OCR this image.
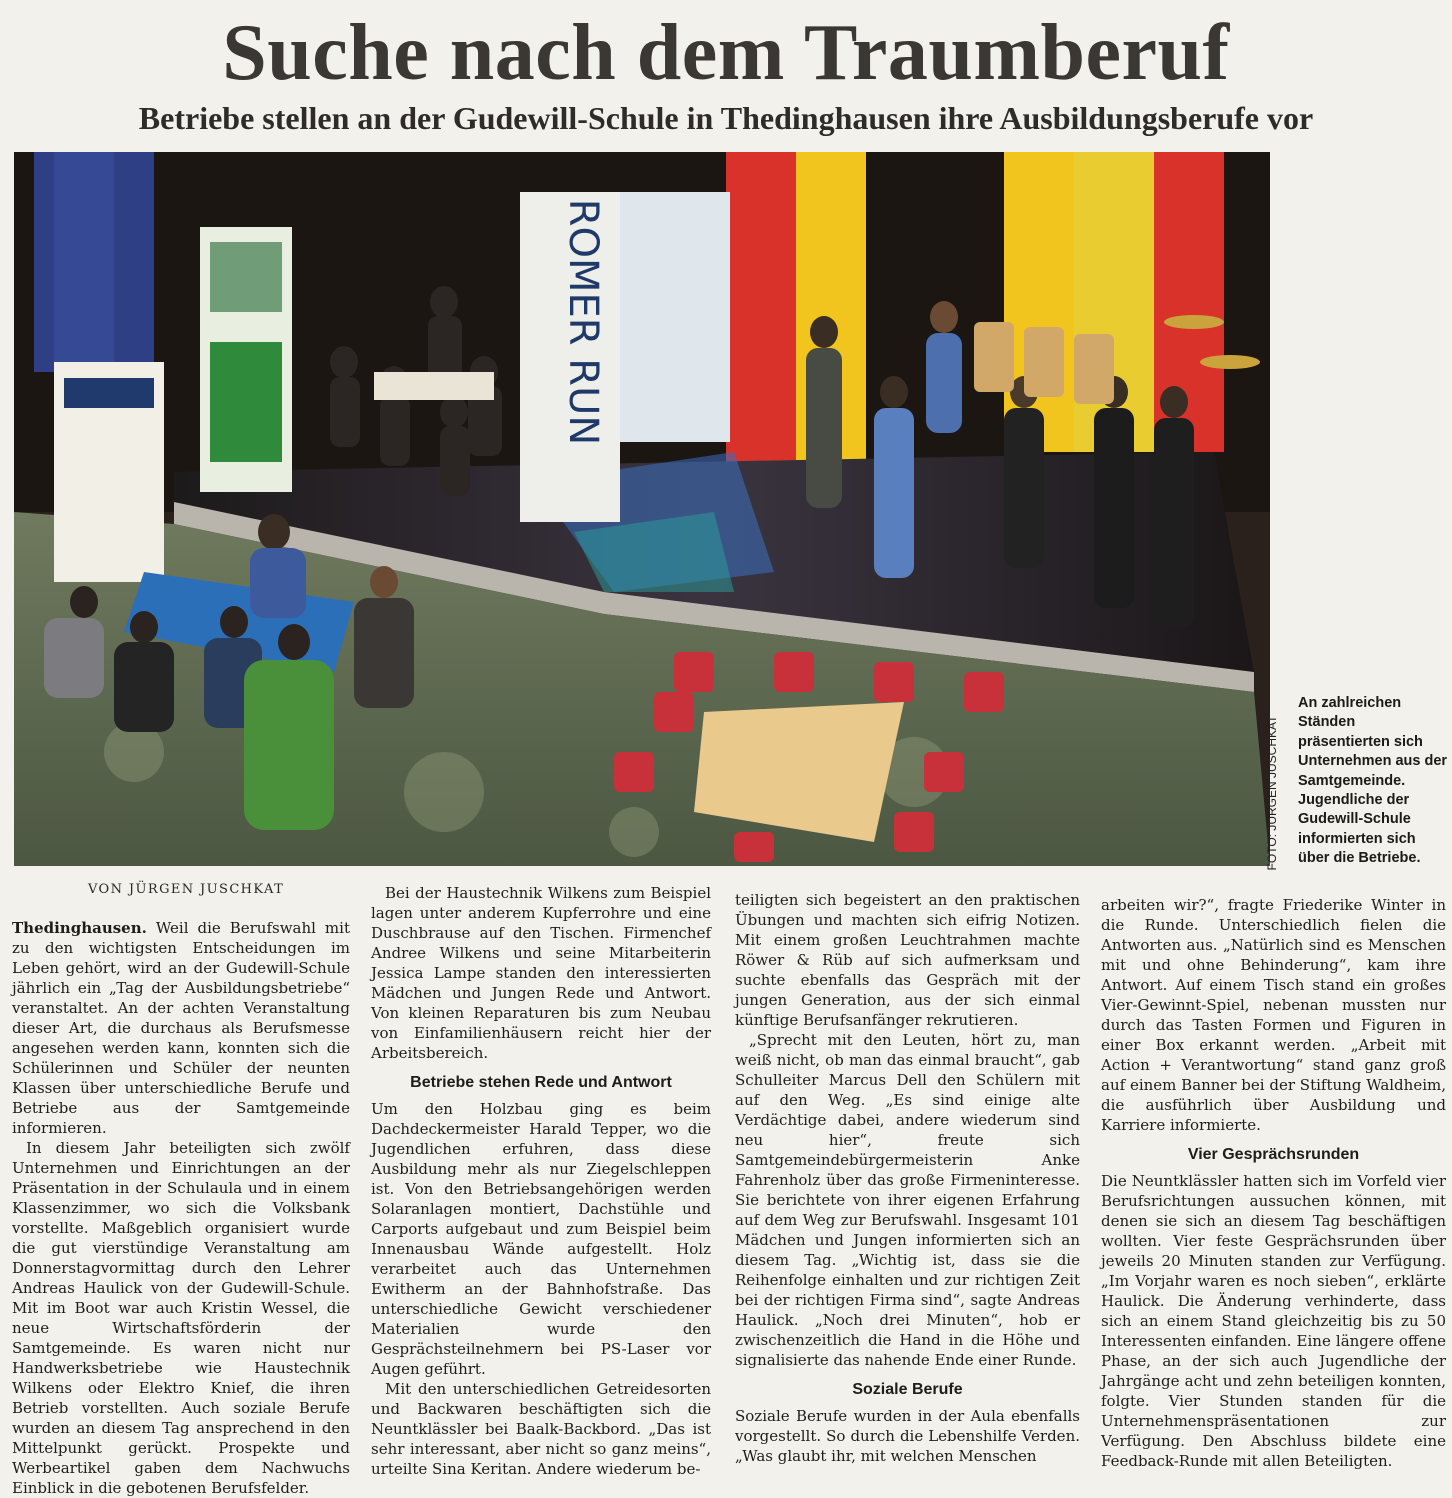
Suche nach dem Traumberuf
Betriebe stellen an der Gudewill-Schule in Thedinghausen ihre Ausbildungsberufe vor
ROMER RUN
FOTO: JÜRGEN JUSCHKAT

An zahlreichen Ständen präsentierten sich Unternehmen aus der Samtgemeinde. Jugendliche der Gudewill-Schule informierten sich über die Betriebe.

VON JÜRGEN JUSCHKAT

Thedinghausen. Weil die Berufswahl mit zu den wichtigsten Entscheidungen im Leben gehört, wird an der Gudewill-Schule jährlich ein „Tag der Ausbildungsbetriebe“ veranstaltet. An der achten Veranstaltung dieser Art, die durchaus als Berufsmesse angesehen werden kann, konnten sich die Schülerinnen und Schüler der neunten Klassen über unterschiedliche Berufe und Betriebe aus der Samtgemeinde informieren.

In diesem Jahr beteiligten sich zwölf Unternehmen und Einrichtungen an der Präsentation in der Schulaula und in einem Klassenzimmer, wo sich die Volksbank vorstellte. Maßgeblich organisiert wurde die gut vierstündige Veranstaltung am Donnerstagvormittag durch den Lehrer Andreas Haulick von der Gudewill-Schule. Mit im Boot war auch Kristin Wessel, die neue Wirtschaftsförderin der Samtgemeinde. Es waren nicht nur Handwerksbetriebe wie Haustechnik Wilkens oder Elektro Knief, die ihren Betrieb vorstellten. Auch soziale Berufe wurden an diesem Tag ansprechend in den Mittelpunkt gerückt. Prospekte und Werbeartikel gaben dem Nachwuchs Einblick in die gebotenen Berufsfelder.

Bei der Haustechnik Wilkens zum Beispiel lagen unter anderem Kupferrohre und eine Duschbrause auf den Tischen. Firmenchef Andree Wilkens und seine Mitarbeiterin Jessica Lampe standen den interessierten Mädchen und Jungen Rede und Antwort. Von kleinen Reparaturen bis zum Neubau von Einfamilienhäusern reicht hier der Arbeitsbereich.

Betriebe stehen Rede und Antwort

Um den Holzbau ging es beim Dachdeckermeister Harald Tepper, wo die Jugendlichen erfuhren, dass diese Ausbildung mehr als nur Ziegelschleppen ist. Von den Betriebsangehörigen werden Solaranlagen montiert, Dachstühle und Carports aufgebaut und zum Beispiel beim Innenausbau Wände aufgestellt. Holz verarbeitet auch das Unternehmen Ewitherm an der Bahnhofstraße. Das unterschiedliche Gewicht verschiedener Materialien wurde den Gesprächsteilnehmern bei PS-Laser vor Augen geführt.

Mit den unterschiedlichen Getreidesorten und Backwaren beschäftigten sich die Neuntklässler bei Baalk-Backbord. „Das ist sehr interessant, aber nicht so ganz meins“, urteilte Sina Keritan. Andere wiederum be-

teiligten sich begeistert an den praktischen Übungen und machten sich eifrig Notizen. Mit einem großen Leuchtrahmen machte Röwer & Rüb auf sich aufmerksam und suchte ebenfalls das Gespräch mit der jungen Generation, aus der sich einmal künftige Berufsanfänger rekrutieren.

„Sprecht mit den Leuten, hört zu, man weiß nicht, ob man das einmal braucht“, gab Schulleiter Marcus Dell den Schülern mit auf den Weg. „Es sind einige alte Verdächtige dabei, andere wiederum sind neu hier“, freute sich Samtgemeindebürgermeisterin Anke Fahrenholz über das große Firmeninteresse. Sie berichtete von ihrer eigenen Erfahrung auf dem Weg zur Berufswahl. Insgesamt 101 Mädchen und Jungen informierten sich an diesem Tag. „Wichtig ist, dass sie die Reihenfolge einhalten und zur richtigen Zeit bei der richtigen Firma sind“, sagte Andreas Haulick. „Noch drei Minuten“, hob er zwischenzeitlich die Hand in die Höhe und signalisierte das nahende Ende einer Runde.

Soziale Berufe

Soziale Berufe wurden in der Aula ebenfalls vorgestellt. So durch die Lebenshilfe Verden. „Was glaubt ihr, mit welchen Menschen

arbeiten wir?“, fragte Friederike Winter in die Runde. Unterschiedlich fielen die Antworten aus. „Natürlich sind es Menschen mit und ohne Behinderung“, kam ihre Antwort. Auf einem Tisch stand ein großes Vier-Gewinnt-Spiel, nebenan mussten nur durch das Tasten Formen und Figuren in einer Box erkannt werden. „Arbeit mit Action + Verantwortung“ stand ganz groß auf einem Banner bei der Stiftung Waldheim, die ausführlich über Ausbildung und Karriere informierte.

Vier Gesprächsrunden

Die Neuntklässler hatten sich im Vorfeld vier Berufsrichtungen aussuchen können, mit denen sie sich an diesem Tag beschäftigen wollten. Vier feste Gesprächsrunden über jeweils 20 Minuten standen zur Verfügung. „Im Vorjahr waren es noch sieben“, erklärte Haulick. Die Änderung verhinderte, dass sich an einem Stand gleichzeitig bis zu 50 Interessenten einfanden. Eine längere offene Phase, an der sich auch Jugendliche der Jahrgänge acht und zehn beteiligen konnten, folgte. Vier Stunden standen für die Unternehmenspräsentationen zur Verfügung. Den Abschluss bildete eine Feedback-Runde mit allen Beteiligten.
